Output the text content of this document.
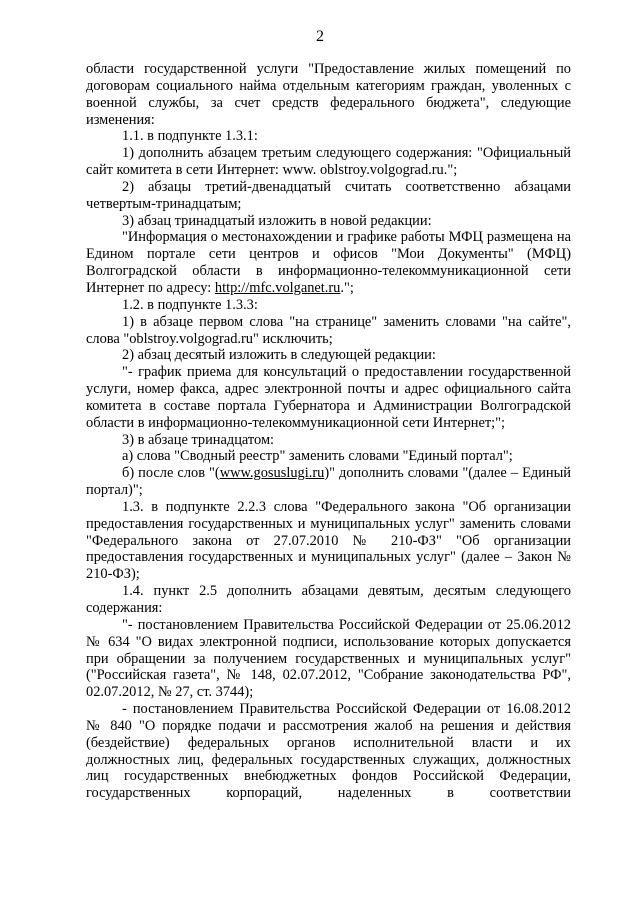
2

области государственной услуги "Предоставление жилых помещений по договорам социального найма отдельным категориям граждан, уволенных с военной службы, за счет средств федерального бюджета", следующие изменения:

1.1. в подпункте 1.3.1:

1) дополнить абзацем третьим следующего содержания: "Официальный сайт комитета в сети Интернет: www. oblstroy.volgograd.ru.";

2) абзацы третий-двенадцатый считать соответственно абзацами четвертым-тринадцатым;

3) абзац тринадцатый изложить в новой редакции:

"Информация о местонахождении и графике работы МФЦ размещена на Едином портале сети центров и офисов "Мои Документы" (МФЦ) Волгоградской области в информационно-телекоммуникационной сети Интернет по адресу: http://mfc.volganet.ru.";

1.2. в подпункте 1.3.3:

1) в абзаце первом слова "на странице" заменить словами "на сайте", слова "oblstroy.volgograd.ru" исключить;

2) абзац десятый изложить в следующей редакции:

"- график приема для консультаций о предоставлении государственной услуги, номер факса, адрес электронной почты и адрес официального сайта комитета в составе портала Губернатора и Администрации Волгоградской области в информационно-телекоммуникационной сети Интернет;";

3) в абзаце тринадцатом:

а) слова "Сводный реестр" заменить словами "Единый портал";

б) после слов "(www.gosuslugi.ru)" дополнить словами "(далее – Единый портал)";

1.3. в подпункте 2.2.3 слова "Федерального закона "Об организации предоставления государственных и муниципальных услуг" заменить словами "Федерального закона от 27.07.2010 № 210-ФЗ" "Об организации предоставления государственных и муниципальных услуг" (далее – Закон № 210-ФЗ);

1.4. пункт 2.5 дополнить абзацами девятым, десятым следующего содержания:

"- постановлением Правительства Российской Федерации от 25.06.2012 № 634 "О видах электронной подписи, использование которых допускается при обращении за получением государственных и муниципальных услуг" ("Российская газета", № 148, 02.07.2012, "Собрание законодательства РФ", 02.07.2012, № 27, ст. 3744);

- постановлением Правительства Российской Федерации от 16.08.2012 № 840 "О порядке подачи и рассмотрения жалоб на решения и действия (бездействие) федеральных органов исполнительной власти и их должностных лиц, федеральных государственных служащих, должностных лиц государственных внебюджетных фондов Российской Федерации, государственных корпораций, наделенных в соответствии
